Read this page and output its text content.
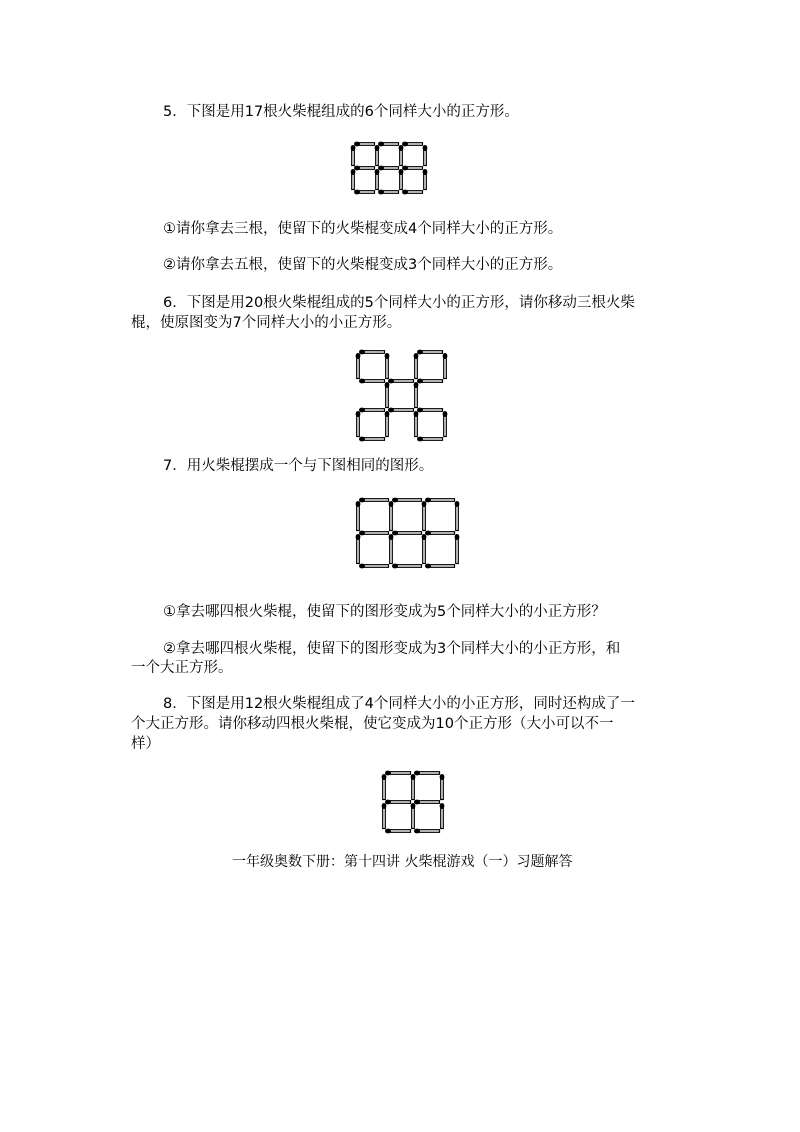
5．下图是用17根火柴棍组成的6个同样大小的正方形。

①请你拿去三根，使留下的火柴棍变成4个同样大小的正方形。

②请你拿去五根，使留下的火柴棍变成3个同样大小的正方形。

6．下图是用20根火柴棍组成的5个同样大小的正方形，请你移动三根火柴

棍，使原图变为7个同样大小的小正方形。

7．用火柴棍摆成一个与下图相同的图形。

①拿去哪四根火柴棍，使留下的图形变成为5个同样大小的小正方形？

②拿去哪四根火柴棍，使留下的图形变成为3个同样大小的小正方形，和

一个大正方形。

8．下图是用12根火柴棍组成了4个同样大小的小正方形，同时还构成了一

个大正方形。请你移动四根火柴棍，使它变成为10个正方形（大小可以不一

样）

一年级奥数下册：第十四讲 火柴棍游戏（一）习题解答
